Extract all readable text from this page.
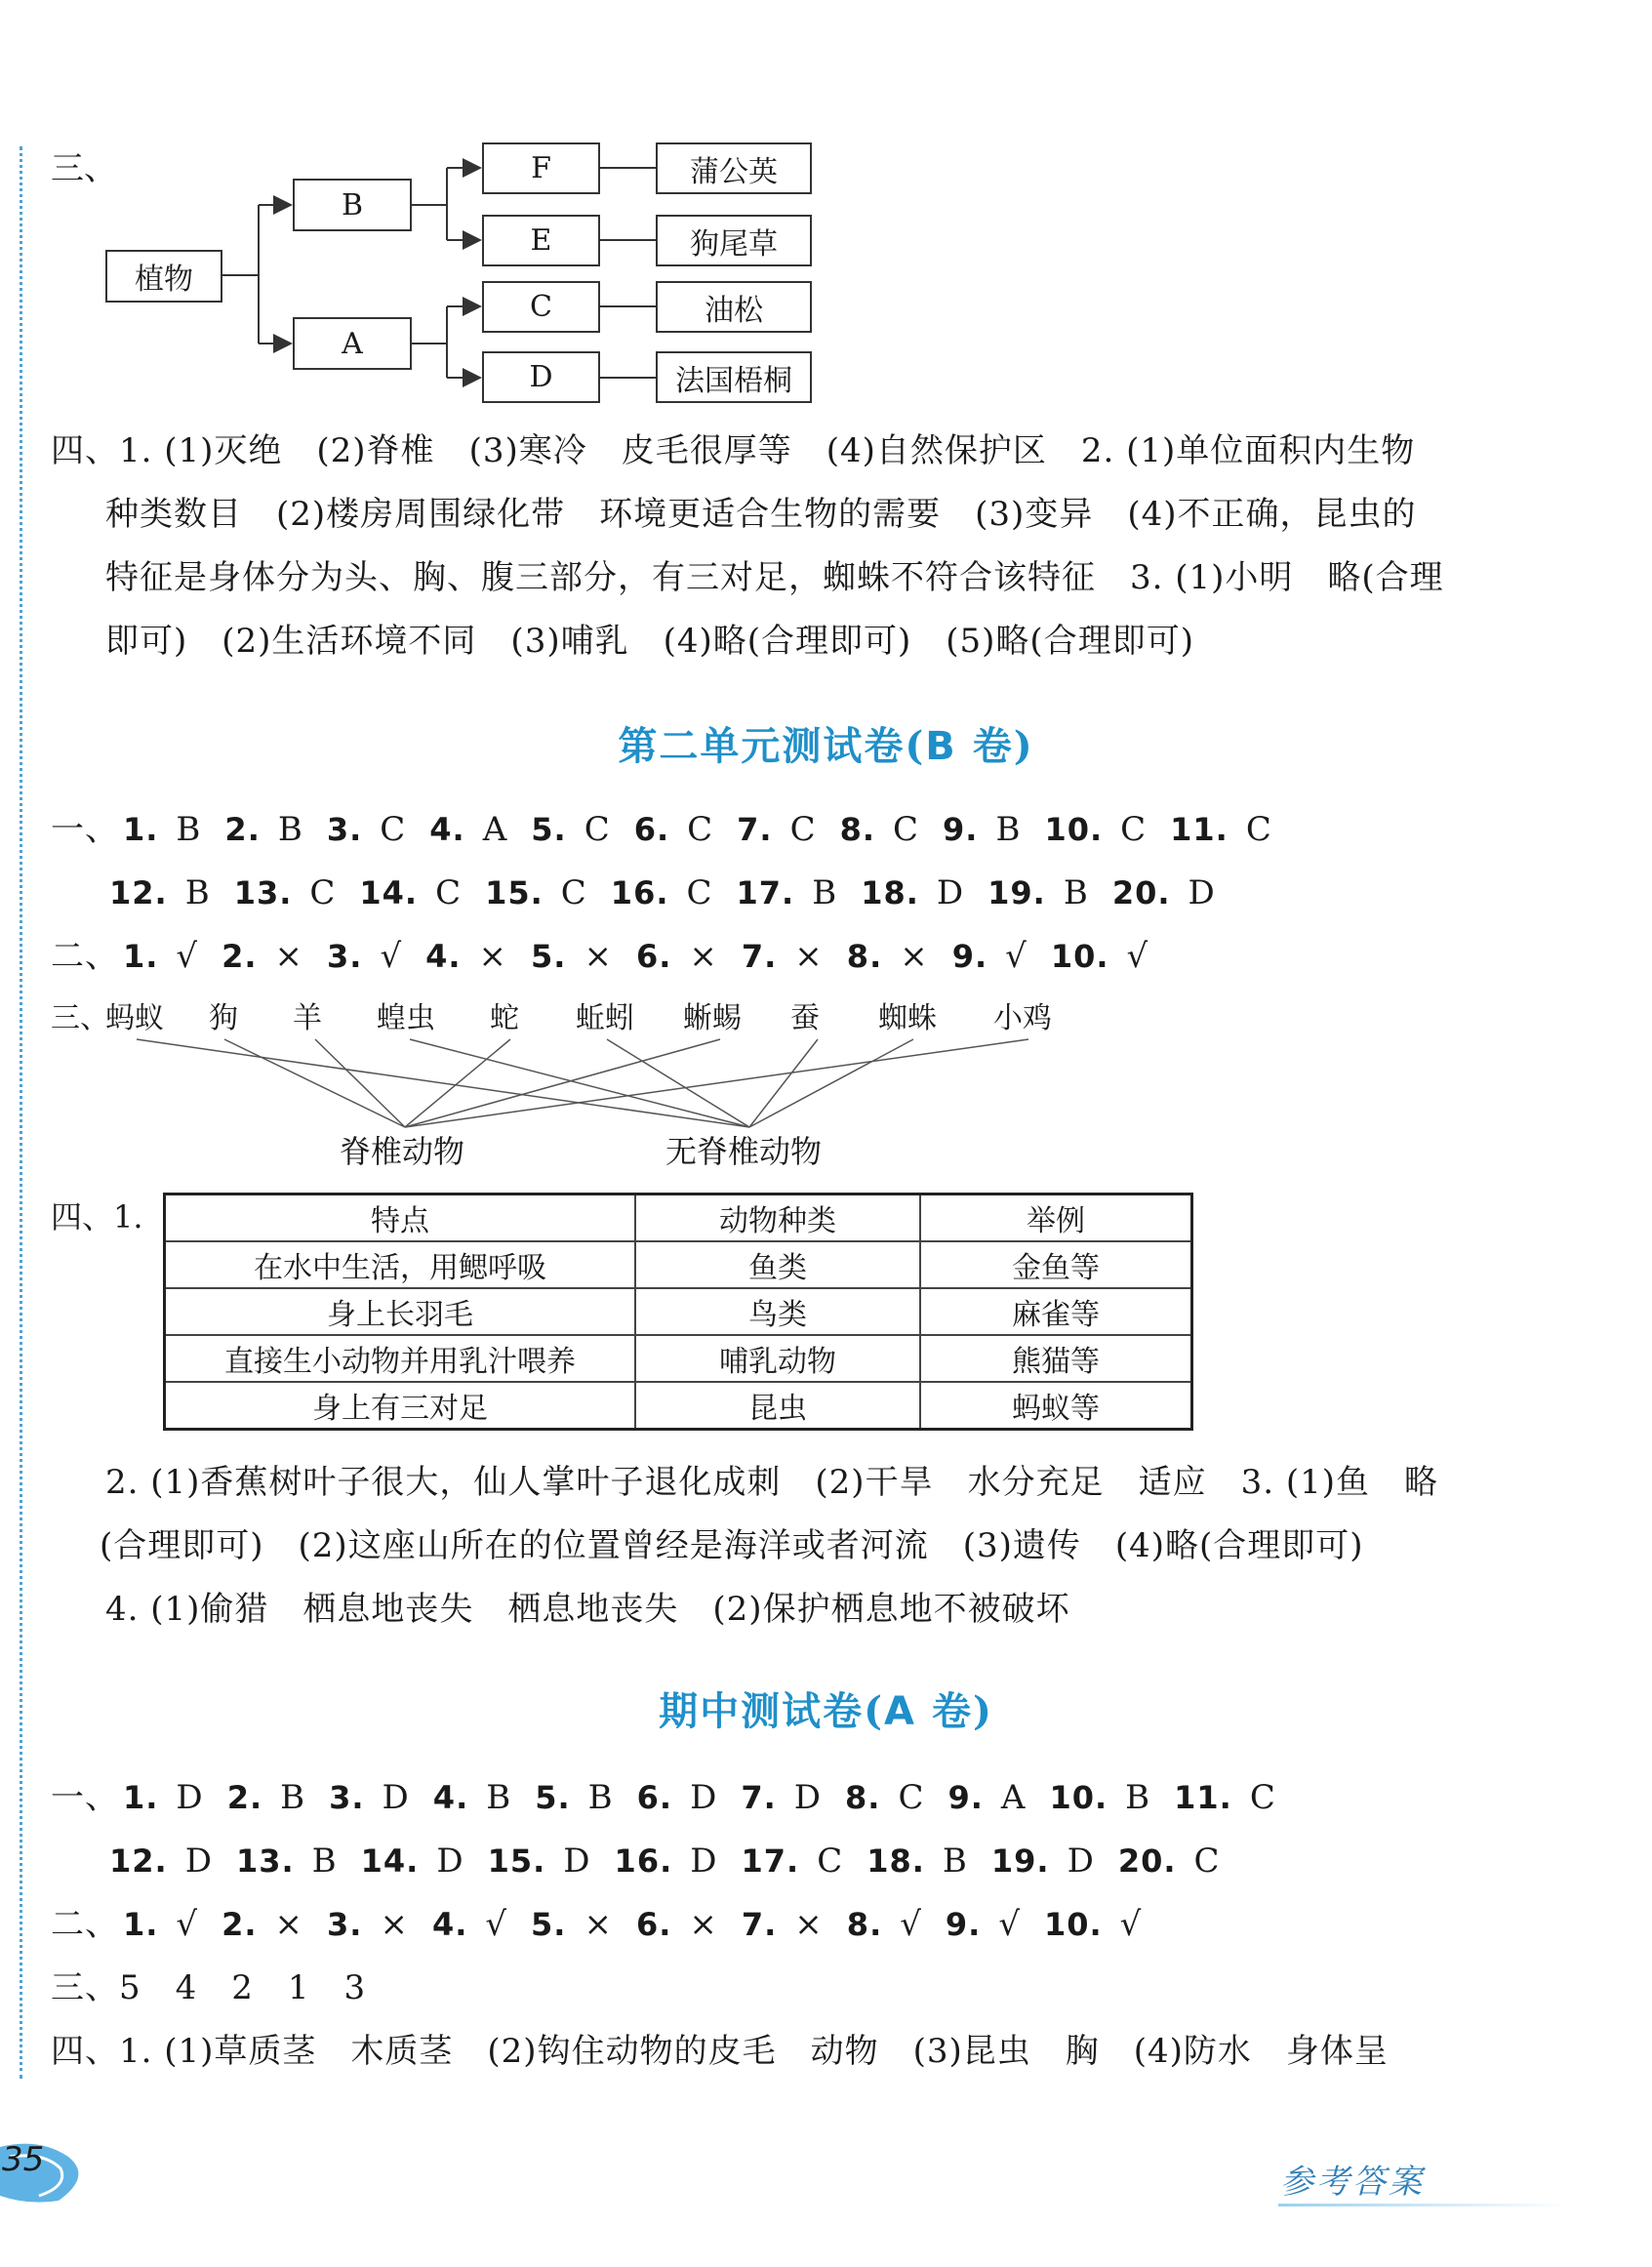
三、
植物
B
A
F
E
C
D
蒲公英
狗尾草
油松
法国梧桐
四、1. (1)灭绝　(2)脊椎　(3)寒冷　皮毛很厚等　(4)自然保护区　2. (1)单位面积内生物
种类数目　(2)楼房周围绿化带　环境更适合生物的需要　(3)变异　(4)不正确，昆虫的
特征是身体分为头、胸、腹三部分，有三对足，蜘蛛不符合该特征　3. (1)小明　略(合理
即可)　(2)生活环境不同　(3)哺乳　(4)略(合理即可)　(5)略(合理即可)
第二单元测试卷(B 卷)
一、 1. B 2. B 3. C 4. A 5. C 6. C 7. C 8. C 9. B 10. C 11. C
12. B 13. C 14. C 15. C 16. C 17. B 18. D 19. B 20. D
二、 1. √ 2. × 3. √ 4. × 5. × 6. × 7. × 8. × 9. √ 10. √
三、
蚂蚁 狗 羊 蝗虫 蛇 蚯蚓 蜥蜴 蚕 蜘蛛 小鸡
脊椎动物	无脊椎动物
四、1.	特点	动物种类	举例
在水中生活，用鳃呼吸	鱼类	金鱼等
身上长羽毛	鸟类	麻雀等
直接生小动物并用乳汁喂养	哺乳动物	熊猫等
身上有三对足	昆虫	蚂蚁等
2. (1)香蕉树叶子很大，仙人掌叶子退化成刺　(2)干旱　水分充足　适应　3. (1)鱼　略
(合理即可)　(2)这座山所在的位置曾经是海洋或者河流　(3)遗传　(4)略(合理即可)
4. (1)偷猎　栖息地丧失　栖息地丧失　(2)保护栖息地不被破坏
期中测试卷(A 卷)
一、 1. D 2. B 3. D 4. B 5. B 6. D 7. D 8. C 9. A 10. B 11. C
12. D 13. B 14. D 15. D 16. D 17. C 18. B 19. D 20. C
二、 1. √ 2. × 3. × 4. √ 5. × 6. × 7. × 8. √ 9. √ 10. √
三、5　4　2　1　3
四、1. (1)草质茎　木质茎　(2)钩住动物的皮毛　动物　(3)昆虫　胸　(4)防水　身体呈
35
参考答案
